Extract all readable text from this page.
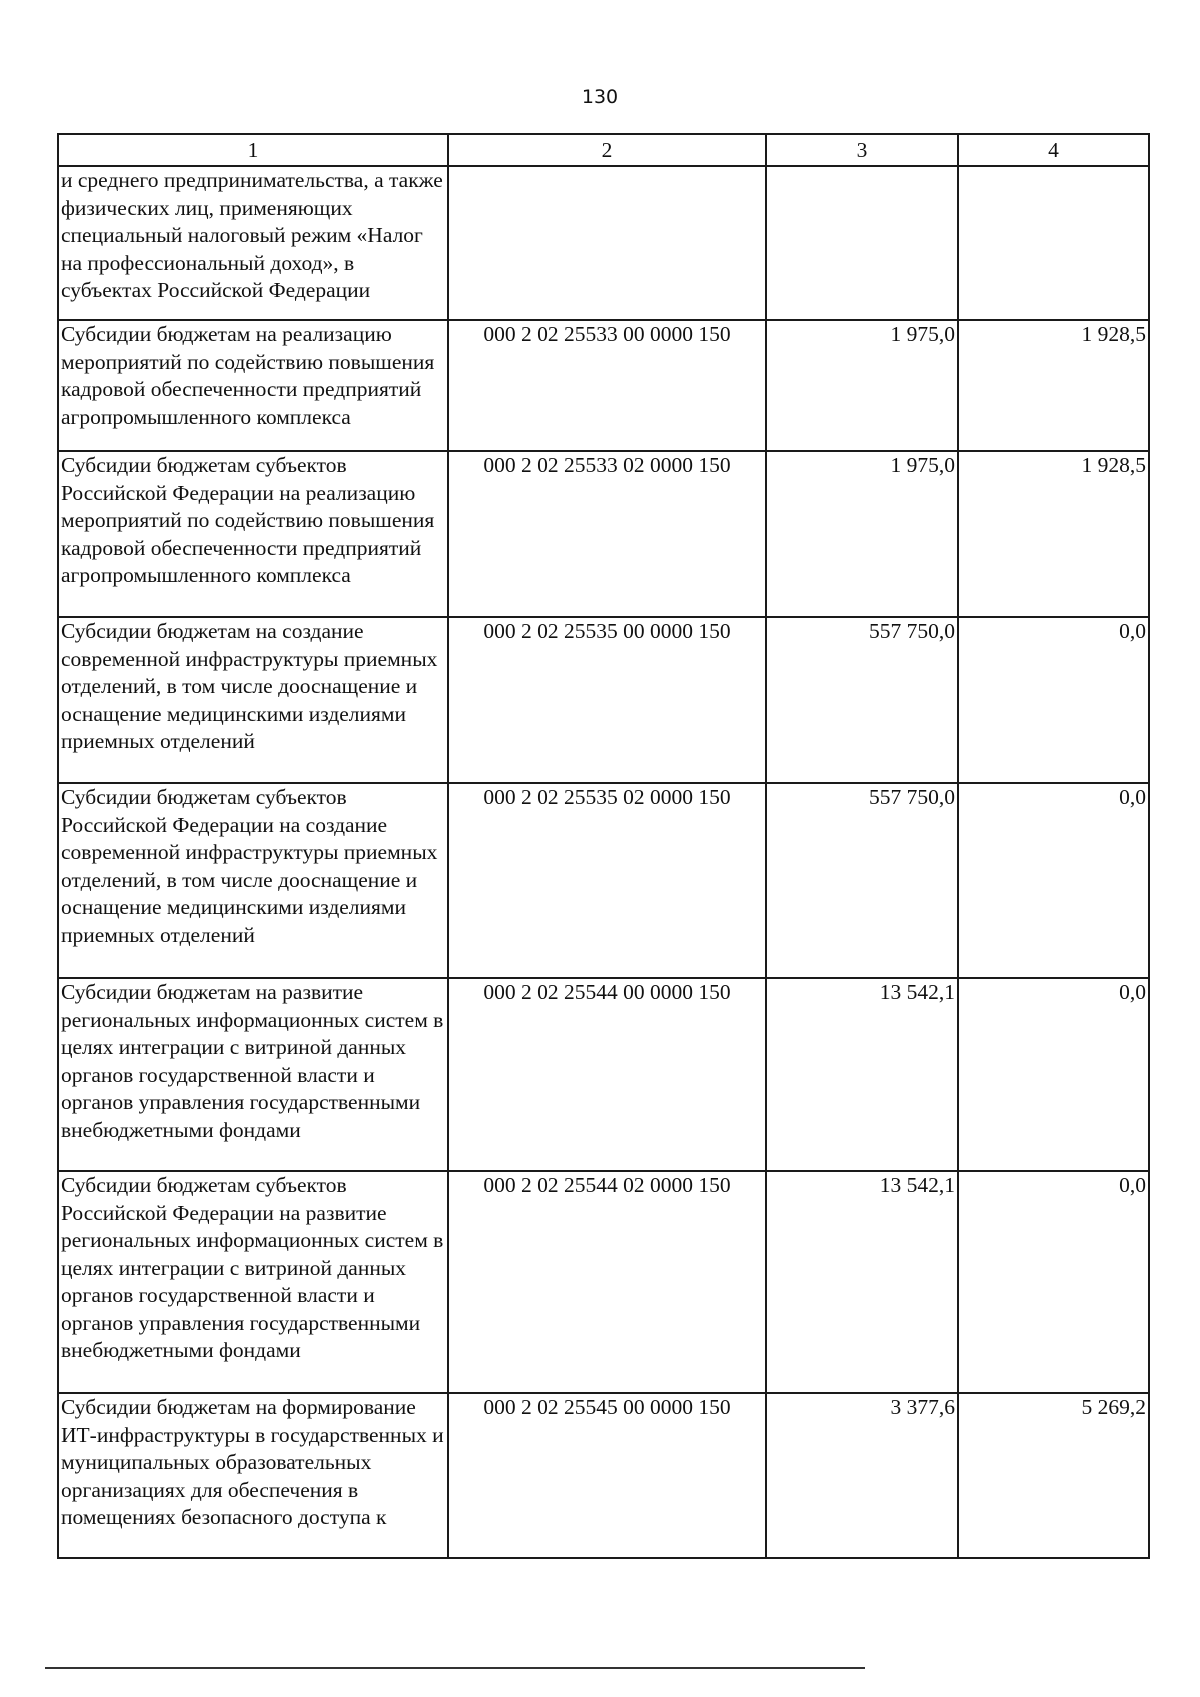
130
1	2	3	4
и среднего предпринимательства, а также физических лиц, применяющих специальный налоговый режим «Налог на профессиональный доход», в субъектах Российской Федерации			
Субсидии бюджетам на реализацию мероприятий по содействию повышения кадровой обеспеченности предприятий агропромышленного комплекса	000 2 02 25533 00 0000 150	1 975,0	1 928,5
Субсидии бюджетам субъектов Российской Федерации на реализацию мероприятий по содействию повышения кадровой обеспеченности предприятий агропромышленного комплекса	000 2 02 25533 02 0000 150	1 975,0	1 928,5
Субсидии бюджетам на создание современной инфраструктуры приемных отделений, в том числе дооснащение и оснащение медицинскими изделиями приемных отделений	000 2 02 25535 00 0000 150	557 750,0	0,0
Субсидии бюджетам субъектов Российской Федерации на создание современной инфраструктуры приемных отделений, в том числе дооснащение и оснащение медицинскими изделиями приемных отделений	000 2 02 25535 02 0000 150	557 750,0	0,0
Субсидии бюджетам на развитие региональных информационных систем в целях интеграции с витриной данных органов государственной власти и органов управления государственными внебюджетными фондами	000 2 02 25544 00 0000 150	13 542,1	0,0
Субсидии бюджетам субъектов Российской Федерации на развитие региональных информационных систем в целях интеграции с витриной данных органов государственной власти и органов управления государственными внебюджетными фондами	000 2 02 25544 02 0000 150	13 542,1	0,0
Субсидии бюджетам на формирование ИТ-инфраструктуры в государственных и муниципальных образовательных организациях для обеспечения в помещениях безопасного доступа к	000 2 02 25545 00 0000 150	3 377,6	5 269,2
